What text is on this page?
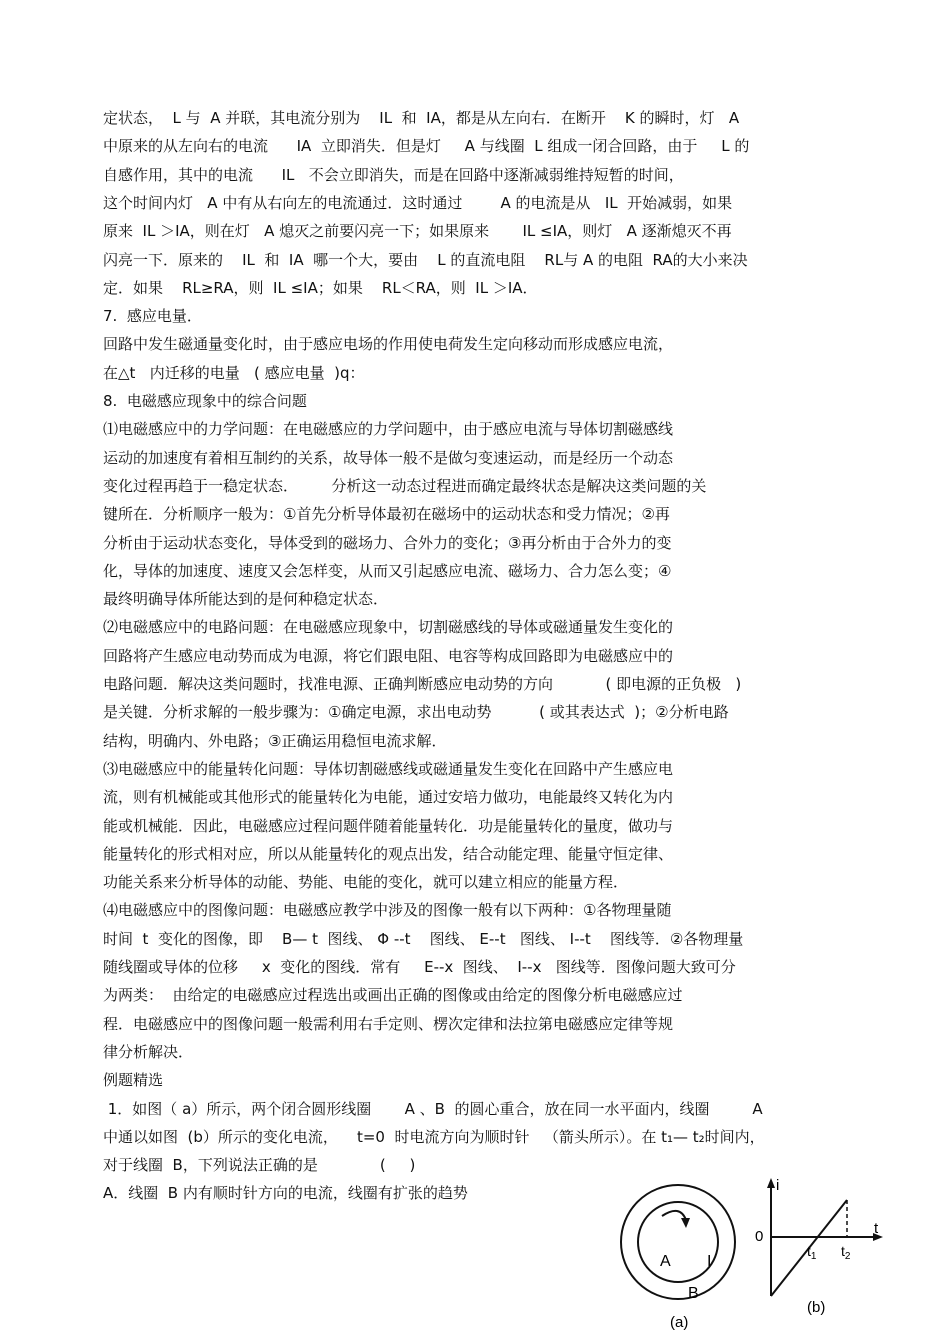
定状态，  L 与  A 并联，其电流分别为    IL  和  IA，都是从左向右．在断开    K 的瞬时，灯   A
中原来的从左向右的电流      IA  立即消失．但是灯     A 与线圈  L 组成一闭合回路，由于     L 的
自感作用，其中的电流      IL   不会立即消失，而是在回路中逐渐减弱维持短暂的时间，
这个时间内灯   A 中有从右向左的电流通过．这时通过        A 的电流是从   IL  开始减弱，如果
原来  IL ＞IA，则在灯   A 熄灭之前要闪亮一下；如果原来       IL ≤IA，则灯   A 逐渐熄灭不再
闪亮一下．原来的    IL  和  IA  哪一个大，要由    L 的直流电阻    RL与 A 的电阻  RA的大小来决
定．如果    RL≥RA，则  IL ≤IA；如果    RL＜RA，则  IL ＞IA．
7.  感应电量．
回路中发生磁通量变化时，由于感应电场的作用使电荷发生定向移动而形成感应电流，
在△t   内迁移的电量   ( 感应电量  )q：
8.  电磁感应现象中的综合问题
⑴电磁感应中的力学问题：在电磁感应的力学问题中，由于感应电流与导体切割磁感线
运动的加速度有着相互制约的关系，故导体一般不是做匀变速运动，而是经历一个动态
变化过程再趋于一稳定状态．       分析这一动态过程进而确定最终状态是解决这类问题的关
键所在．分析顺序一般为：①首先分析导体最初在磁场中的运动状态和受力情况；②再
分析由于运动状态变化，导体受到的磁场力、合外力的变化；③再分析由于合外力的变
化，导体的加速度、速度又会怎样变，从而又引起感应电流、磁场力、合力怎么变；④
最终明确导体所能达到的是何种稳定状态．
⑵电磁感应中的电路问题：在电磁感应现象中，切割磁感线的导体或磁通量发生变化的
回路将产生感应电动势而成为电源，将它们跟电阻、电容等构成回路即为电磁感应中的
电路问题．解决这类问题时，找准电源、正确判断感应电动势的方向           ( 即电源的正负极   )
是关键．分析求解的一般步骤为：①确定电源，求出电动势          ( 或其表达式  )；②分析电路
结构，明确内、外电路；③正确运用稳恒电流求解．
⑶电磁感应中的能量转化问题：导体切割磁感线或磁通量发生变化在回路中产生感应电
流，则有机械能或其他形式的能量转化为电能，通过安培力做功，电能最终又转化为内
能或机械能．因此，电磁感应过程问题伴随着能量转化．功是能量转化的量度，做功与
能量转化的形式相对应，所以从能量转化的观点出发，结合动能定理、能量守恒定律、
功能关系来分析导体的动能、势能、电能的变化，就可以建立相应的能量方程．
⑷电磁感应中的图像问题：电磁感应教学中涉及的图像一般有以下两种：①各物理量随
时间  t  变化的图像，即    B— t  图线、 Φ --t    图线、 E--t   图线、 I--t    图线等．②各物理量
随线圈或导体的位移     x  变化的图线．常有     E--x  图线、  I--x   图线等．图像问题大致可分
为两类：  由给定的电磁感应过程选出或画出正确的图像或由给定的图像分析电磁感应过
程．电磁感应中的图像问题一般需利用右手定则、楞次定律和法拉第电磁感应定律等规
律分析解决．
例题精选
1．如图（ a）所示，两个闭合圆形线圈       A 、B  的圆心重合，放在同一水平面内，线圈         A
中通以如图  (b）所示的变化电流，    t=0  时电流方向为顺时针   （箭头所示）。在 t₁— t₂时间内，
对于线圈  B，下列说法正确的是             (     )
A．线圈  B 内有顺时针方向的电流，线圈有扩张的趋势
A I
B
(a)
i
t
0
$t_1$ $t_2$
(b)
